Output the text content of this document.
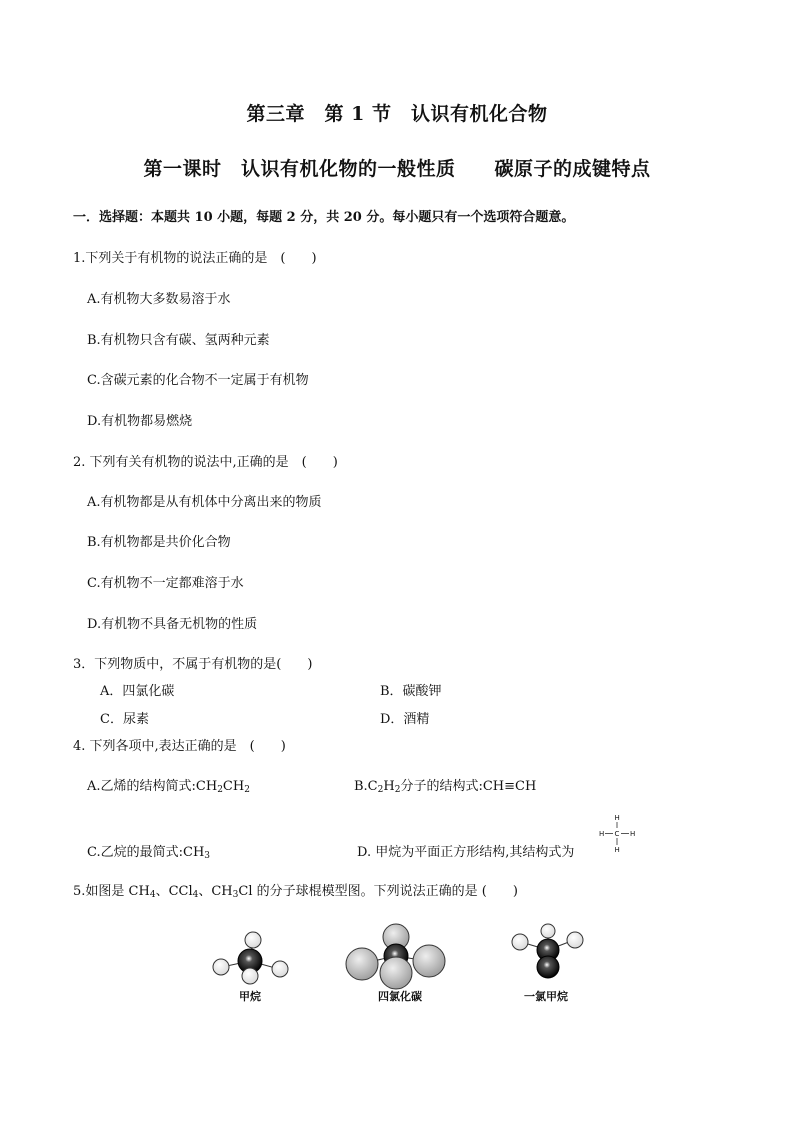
第三章　第 1 节　认识有机化合物
第一课时　认识有机化物的一般性质　　碳原子的成键特点
一．选择题：本题共 10 小题，每题 2 分，共 20 分。每小题只有一个选项符合题意。
1.下列关于有机物的说法正确的是　(　　)
A.有机物大多数易溶于水
B.有机物只含有碳、氢两种元素
C.含碳元素的化合物不一定属于有机物
D.有机物都易燃烧
2. 下列有关有机物的说法中,正确的是　(　　)
A.有机物都是从有机体中分离出来的物质
B.有机物都是共价化合物
C.有机物不一定都难溶于水
D.有机物不具备无机物的性质
3．下列物质中，不属于有机物的是(　　)
A．四氯化碳	B．碳酸钾
C．尿素	D．酒精
4. 下列各项中,表达正确的是　(　　)
A.乙烯的结构简式$:CH_2CH_2$	$B.C_2H_2$分子的结构式:CH≡CH
C.乙烷的最简式$:CH_3$	D. 甲烷为平面正方形结构,其结构式为
H
H C H
H
5.如图是 $CH_4$、CCl$_4$、$CH_3Cl$ 的分子球棍模型图。下列说法正确的是 (　　)
甲烷	四氯化碳	一氯甲烷
